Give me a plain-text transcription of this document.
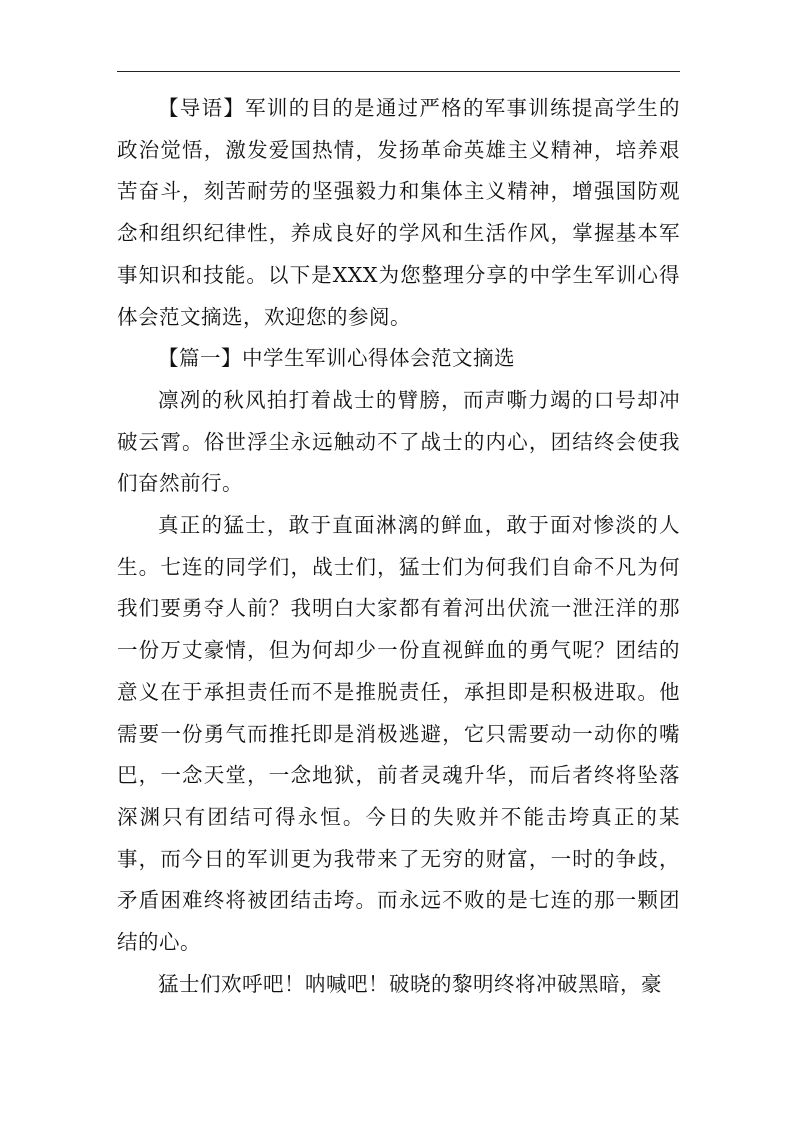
【导语】军训的目的是通过严格的军事训练提高学生的政治觉悟，激发爱国热情，发扬革命英雄主义精神，培养艰苦奋斗，刻苦耐劳的坚强毅力和集体主义精神，增强国防观念和组织纪律性，养成良好的学风和生活作风，掌握基本军事知识和技能。以下是XXX为您整理分享的中学生军训心得体会范文摘选，欢迎您的参阅。

【篇一】中学生军训心得体会范文摘选

凛冽的秋风拍打着战士的臂膀，而声嘶力竭的口号却冲破云霄。俗世浮尘永远触动不了战士的内心，团结终会使我们奋然前行。

真正的猛士，敢于直面淋漓的鲜血，敢于面对惨淡的人生。七连的同学们，战士们，猛士们为何我们自命不凡为何我们要勇夺人前？我明白大家都有着河出伏流一泄汪洋的那一份万丈豪情，但为何却少一份直视鲜血的勇气呢？团结的意义在于承担责任而不是推脱责任，承担即是积极进取。他需要一份勇气而推托即是消极逃避，它只需要动一动你的嘴巴，一念天堂，一念地狱，前者灵魂升华，而后者终将坠落深渊只有团结可得永恒。今日的失败并不能击垮真正的某事，而今日的军训更为我带来了无穷的财富，一时的争歧，矛盾困难终将被团结击垮。而永远不败的是七连的那一颗团结的心。

猛士们欢呼吧！呐喊吧！破晓的黎明终将冲破黑暗，豪
